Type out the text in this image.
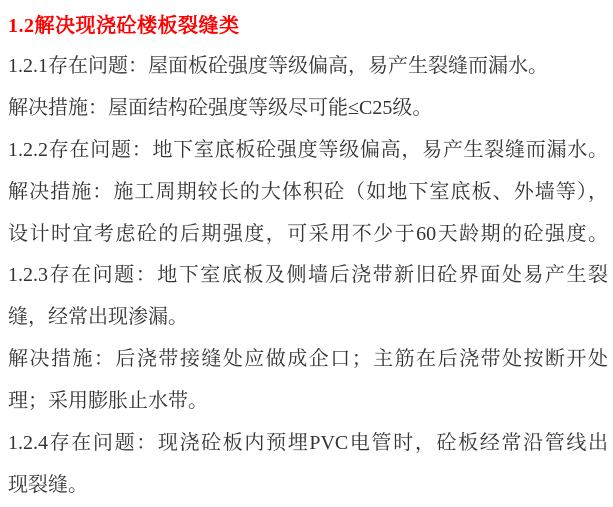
1.2解决现浇砼楼板裂缝类
1.2.1存在问题：屋面板砼强度等级偏高，易产生裂缝而漏水。
解决措施：屋面结构砼强度等级尽可能≤C25级。
1.2.2存在问题：地下室底板砼强度等级偏高，易产生裂缝而漏水。
解决措施：施工周期较长的大体积砼（如地下室底板、外墙等），
设计时宜考虑砼的后期强度，可采用不少于60天龄期的砼强度。
1.2.3存在问题：地下室底板及侧墙后浇带新旧砼界面处易产生裂
缝，经常出现渗漏。
解决措施：后浇带接缝处应做成企口；主筋在后浇带处按断开处
理；采用膨胀止水带。
1.2.4存在问题：现浇砼板内预埋PVC电管时，砼板经常沿管线出
现裂缝。
